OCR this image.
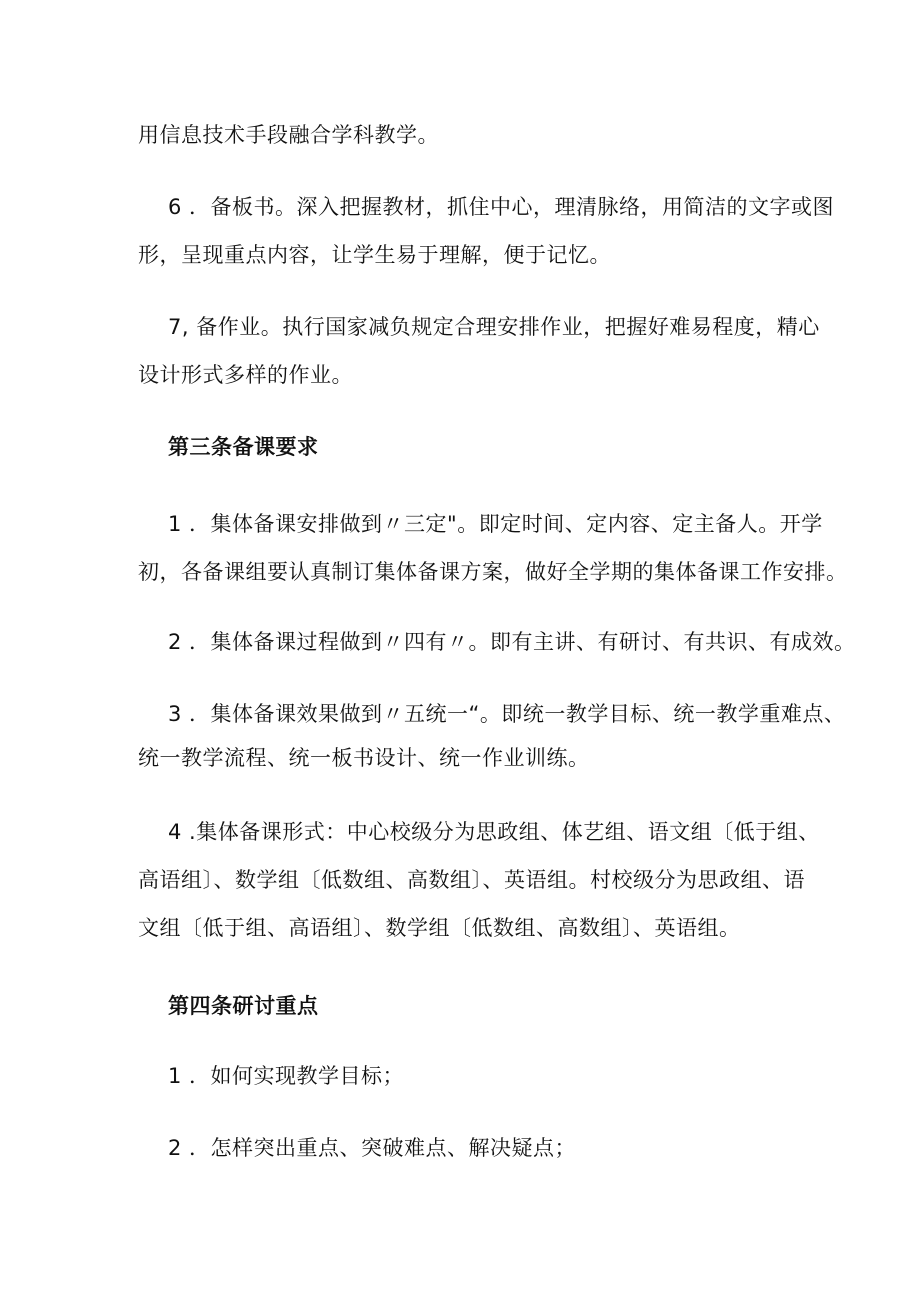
用信息技术手段融合学科教学。
6 ．备板书。深入把握教材，抓住中心，理清脉络，用简洁的文字或图
形，呈现重点内容，让学生易于理解，便于记忆。
7, 备作业。执行国家减负规定合理安排作业，把握好难易程度，精心
设计形式多样的作业。
第三条备课要求
1 ．集体备课安排做到〃三定"。即定时间、定内容、定主备人。开学
初，各备课组要认真制订集体备课方案，做好全学期的集体备课工作安排。
2 ．集体备课过程做到〃四有〃。即有主讲、有研讨、有共识、有成效。
3 ．集体备课效果做到〃五统一“。即统一教学目标、统一教学重难点、
统一教学流程、统一板书设计、统一作业训练。
4 .集体备课形式：中心校级分为思政组、体艺组、语文组〔低于组、
高语组〕、数学组〔低数组、高数组〕、英语组。村校级分为思政组、语
文组〔低于组、高语组〕、数学组〔低数组、高数组〕、英语组。
第四条研讨重点
1 ．如何实现教学目标；
2 ．怎样突出重点、突破难点、解决疑点；
